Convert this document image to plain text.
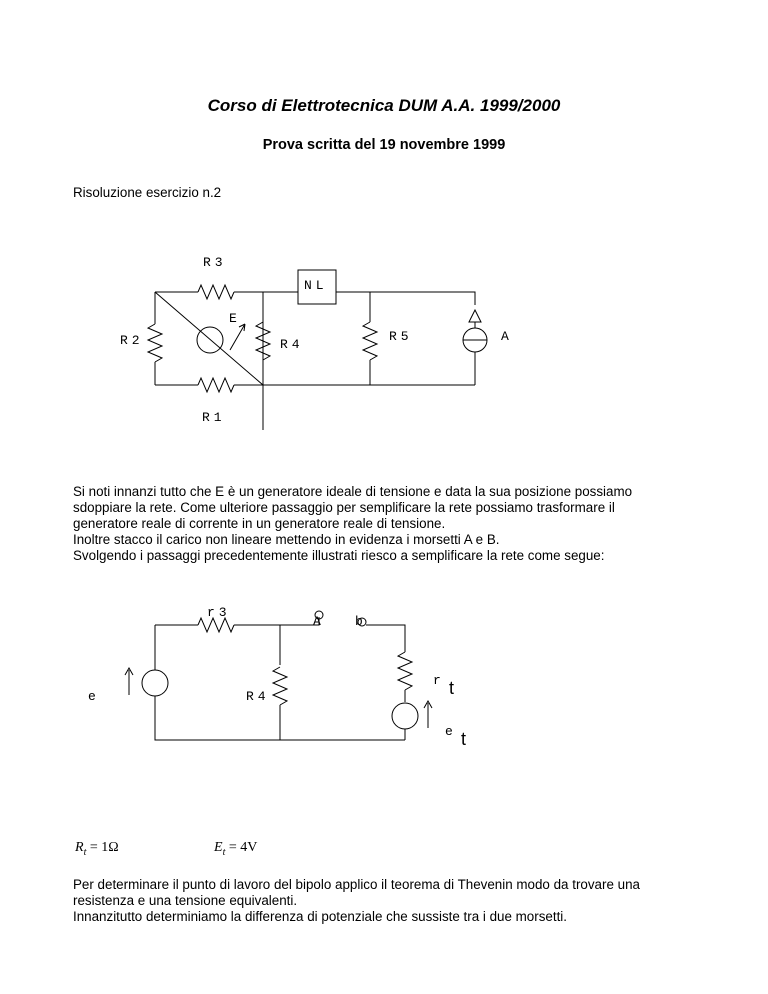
Corso di Elettrotecnica DUM A.A. 1999/2000
Prova scritta del 19 novembre 1999
Risoluzione esercizio n.2
R3
NL
E
R2	R4
R5	A
R1
Si noti innanzi tutto che E è un generatore ideale di tensione e data la sua posizione possiamo
sdoppiare la rete. Come ulteriore passaggio per semplificare la rete possiamo trasformare il
generatore reale di corrente in un generatore reale di tensione.
Inoltre stacco il carico non lineare mettendo in evidenza i morsetti A e B.
Svolgendo i passaggi precedentemente illustrati riesco a semplificare la rete come segue:
r3
A b
e	R4
r t
e t
$R_t = 1\Omega$	$E_t = 4V$
Per determinare il punto di lavoro del bipolo applico il teorema di Thevenin modo da trovare una
resistenza e una tensione equivalenti.
Innanzitutto determiniamo la differenza di potenziale che sussiste tra i due morsetti.
